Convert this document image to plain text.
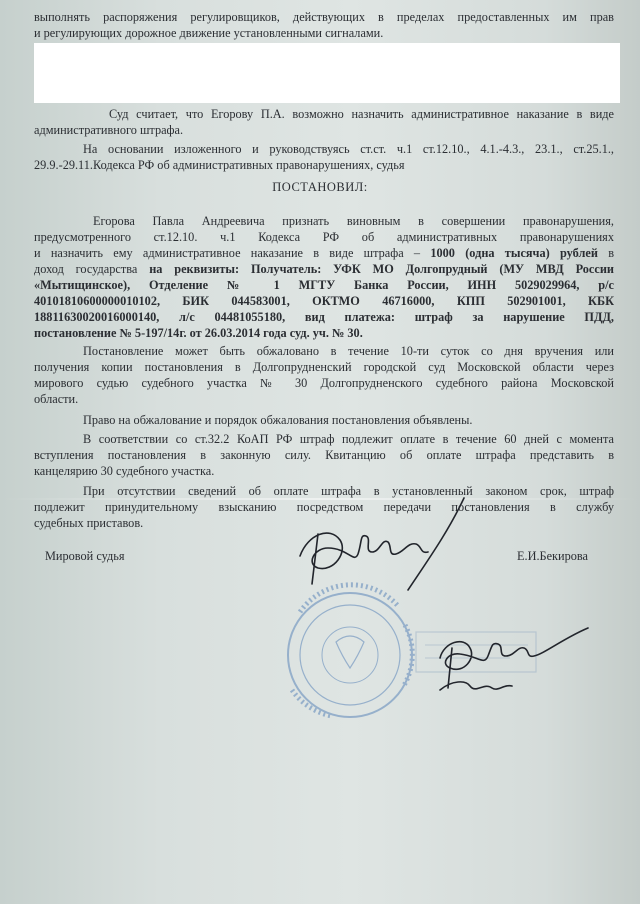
выполнять распоряжения регулировщиков, действующих в пределах предоставленных им прав
и регулирующих дорожное движение установленными сигналами.
Суд считает, что Егорову П.А. возможно назначить административное наказание в виде
административного штрафа.
На основании изложенного и руководствуясь ст.ст. ч.1 ст.12.10., 4.1.-4.3., 23.1., ст.25.1.,
29.9.-29.11.Кодекса РФ об административных правонарушениях, судья
ПОСТАНОВИЛ:
Егорова Павла Андреевича признать виновным в совершении правонарушения,
предусмотренного ст.12.10. ч.1 Кодекса РФ об административных правонарушениях
и назначить ему административное наказание в виде штрафа – 1000 (одна тысяча) рублей в
доход государства на реквизиты: Получатель: УФК МО Долгопрудный (МУ МВД России
«Мытищинское), Отделение № 1 МГТУ Банка России, ИНН 5029029964, р/с
40101810600000010102, БИК 044583001, ОКТМО 46716000, КПП 502901001, КБК
18811630020016000140, л/с 04481055180, вид платежа: штраф за нарушение ПДД,
постановление № 5-197/14г. от 26.03.2014 года суд. уч. № 30.
Постановление может быть обжаловано в течение 10-ти суток со дня вручения или
получения копии постановления в Долгопрудненский городской суд Московской области через
мирового судью судебного участка № 30 Долгопрудненского судебного района Московской
области.
Право на обжалование и порядок обжалования постановления объявлены.
В соответствии со ст.32.2 КоАП РФ штраф подлежит оплате в течение 60 дней с момента
вступления постановления в законную силу. Квитанцию об оплате штрафа представить в
канцелярию 30 судебного участка.
При отсутствии сведений об оплате штрафа в установленный законом срок, штраф
подлежит принудительному взысканию посредством передачи постановления в службу
судебных приставов.
Мировой судья	Е.И.Бекирова
